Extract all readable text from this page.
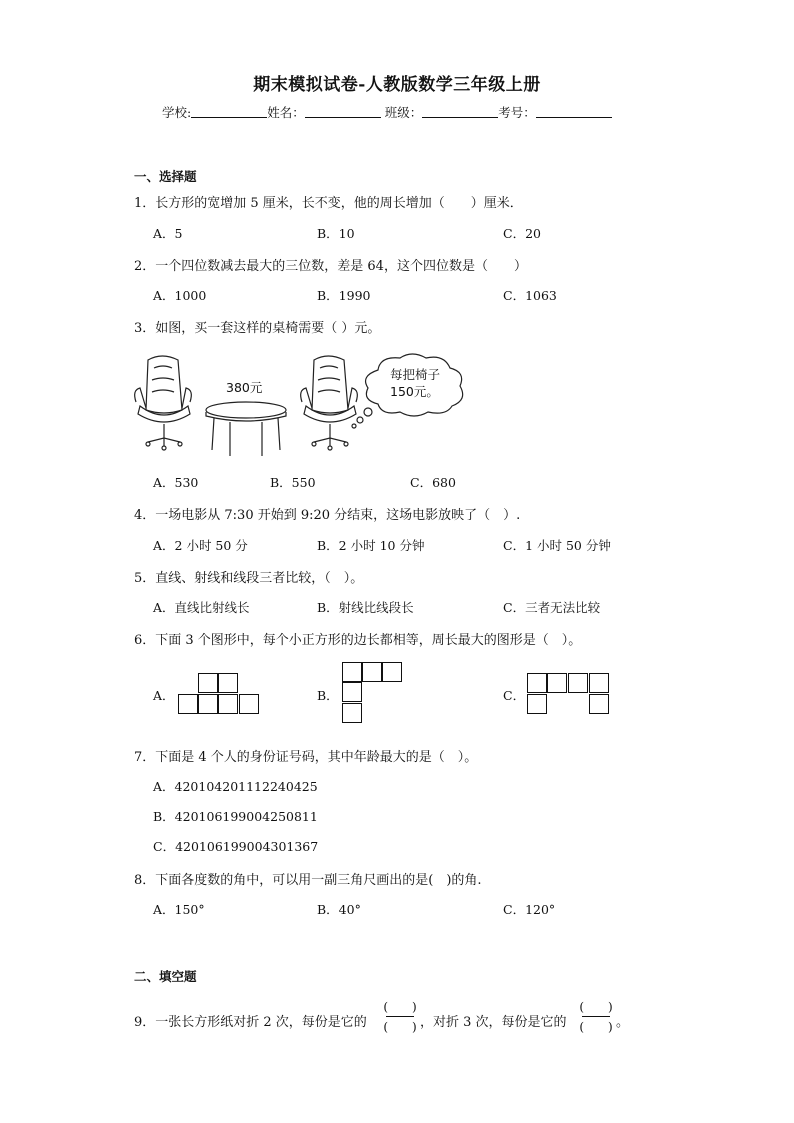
期末模拟试卷-人教版数学三年级上册
学校:	姓名：	班级：	考号：
一、选择题
1．长方形的宽增加 5 厘米，长不变，他的周长增加（　　）厘米．
A．5	B．10	C．20
2．一个四位数减去最大的三位数，差是 64，这个四位数是（　　）
A．1000	B．1990	C．1063
3．如图，买一套这样的桌椅需要（ ）元。
380元
每把椅子
150元。
A．530	B．550	C．680
4．一场电影从 7:30 开始到 9:20 分结束，这场电影放映了（　）.
A．2 小时 50 分	B．2 小时 10 分钟	C．1 小时 50 分钟
5．直线、射线和线段三者比较，（　）。
A．直线比射线长	B．射线比线段长	C．三者无法比较
6．下面 3 个图形中，每个小正方形的边长都相等，周长最大的图形是（　）。
A．	B．	C．
7．下面是 4 个人的身份证号码，其中年龄最大的是（　）。
A．420104201112240425
B．420106199004250811
C．420106199004301367
8．下面各度数的角中，可以用一副三角尺画出的是(　)的角.
A．150°	B．40°	C．120°
二、填空题
9．一张长方形纸对折 2 次，每份是它的
(　　)
(　　) ，对折 3 次，每份是它的
(　　)
(　　) 。
